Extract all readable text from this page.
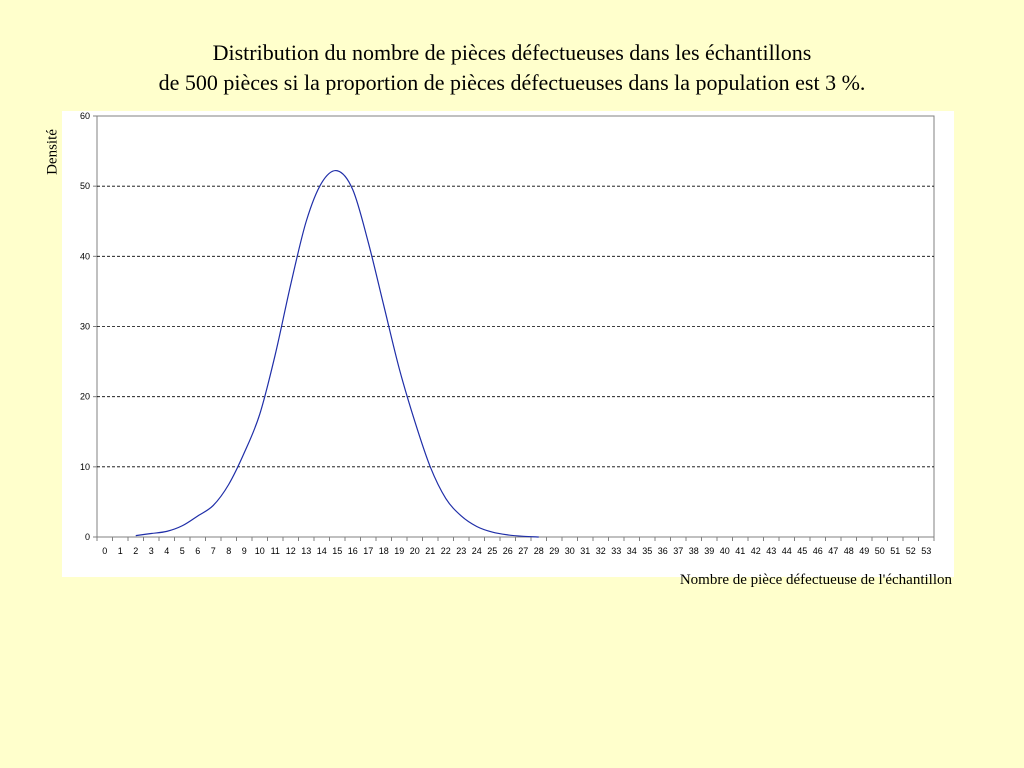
Distribution du nombre de pièces défectueuses dans les échantillons
de 500 pièces si la proportion de pièces défectueuses dans la population est 3 %.
Densité
0
10
20
30
40
50
60
0 1 2 3 4 5 6 7 8 9 10 11 12 13 14 15 16 17 18 19 20 21 22 23 24 25 26 27 28 29 30 31 32 33 34 35 36 37 38 39 40 41 42 43 44 45 46 47 48 49 50 51 52 53
Nombre de pièce défectueuse de l'échantillon
